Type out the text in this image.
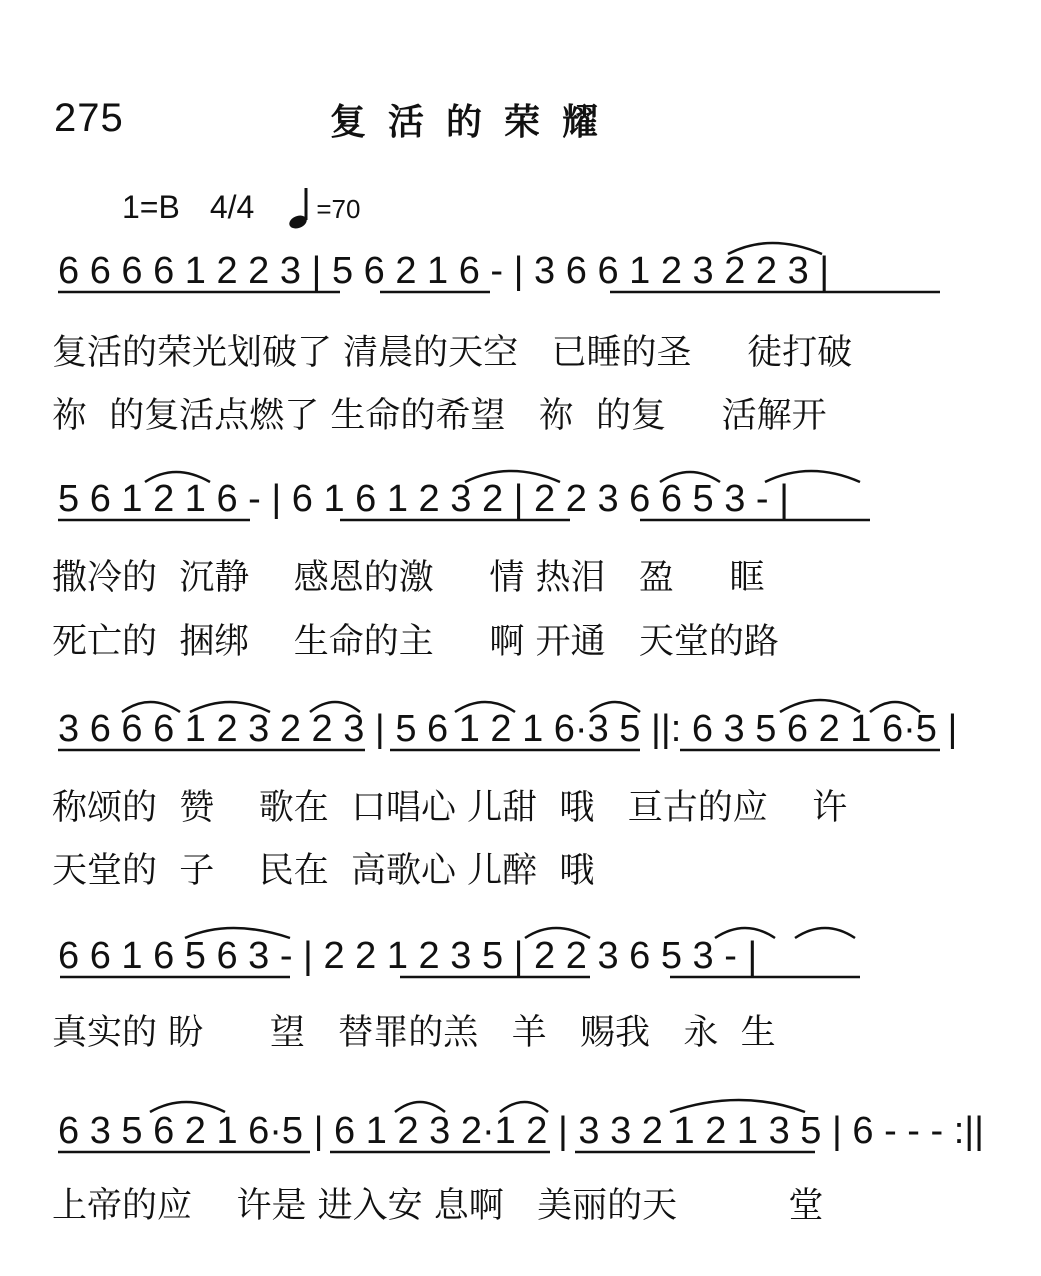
275	复活的荣耀
1=B 4/4 =70
6 6 6 6 1 2 2 3 | 5 6 2 1 6 - | 3 6 6 1 2 3 2 2 3 |
复活的荣光划破了 清晨的天空   已睡的圣     徒打破
祢  的复活点燃了 生命的希望   祢  的复     活解开
5 6 1 2 1 6 - | 6 1 6 1 2 3 2 | 2 2 3 6 6 5 3 - |
撒冷的  沉静    感恩的激     情 热泪   盈     眶
死亡的  捆绑    生命的主     啊 开通   天堂的路
3 6 6 6 1 2 3 2 2 3 | 5 6 1 2 1 6·3 5 ||: 6 3 5 6 2 1 6·5 |
称颂的  赞    歌在  口唱心 儿甜  哦   亘古的应    许
天堂的  子    民在  高歌心 儿醉  哦
6 6 1 6 5 6 3 - | 2 2 1 2 3 5 | 2 2 3 6 5 3 - |
真实的 盼      望   替罪的羔   羊   赐我   永  生
6 3 5 6 2 1 6·5 | 6 1 2 3 2·1 2 | 3 3 2 1 2 1 3 5 | 6 - - - :||
上帝的应    许是 进入安 息啊   美丽的天          堂
